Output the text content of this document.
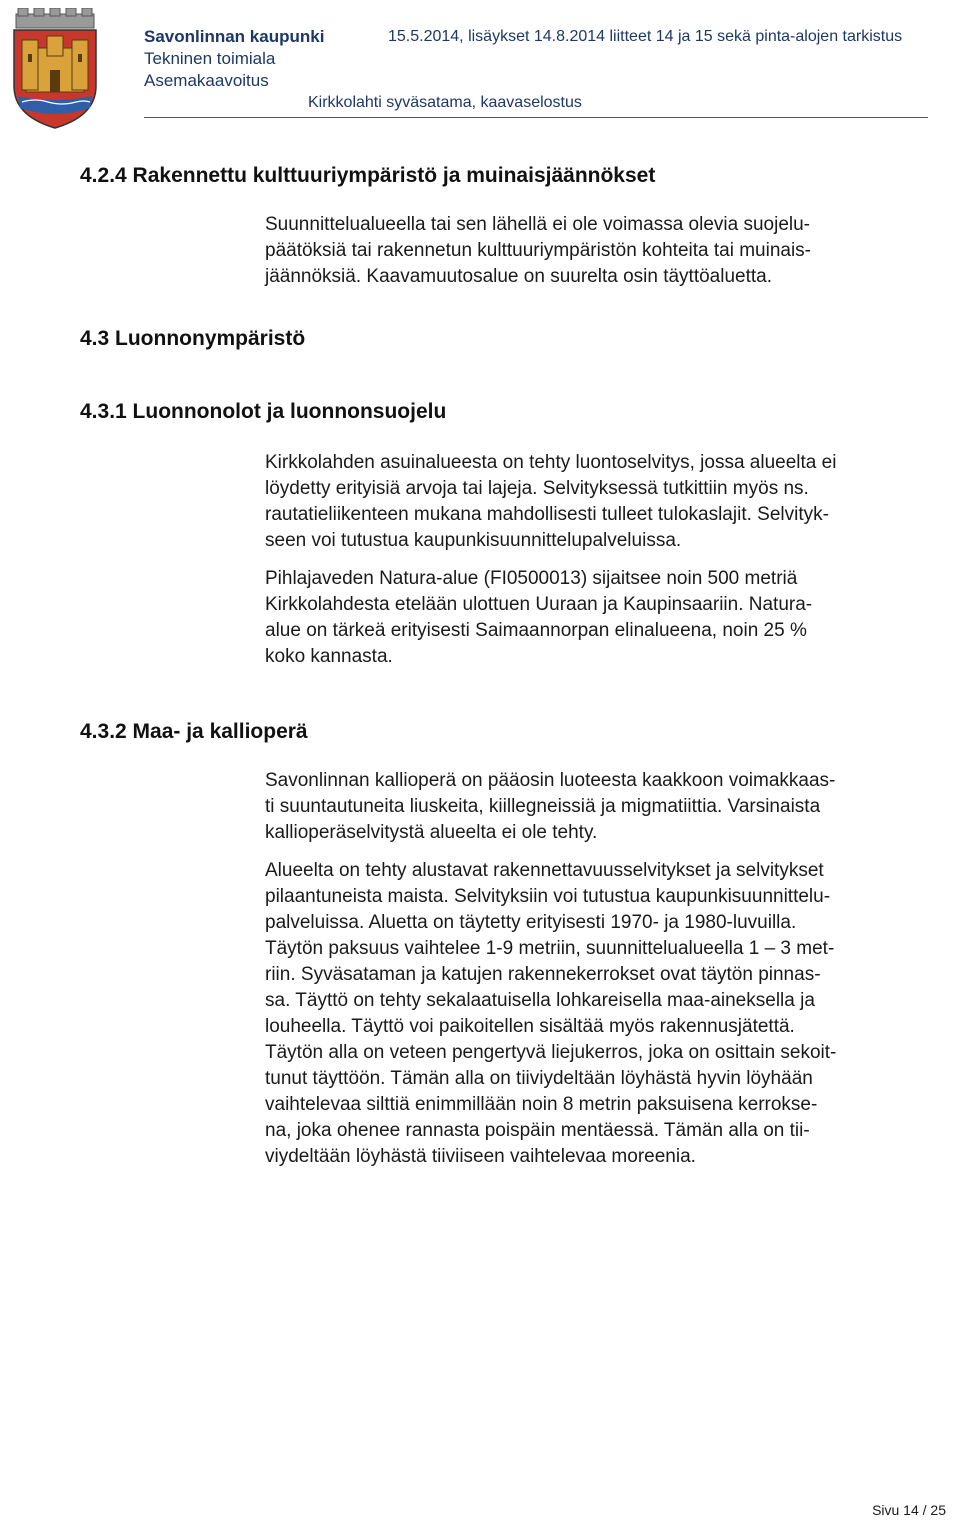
Savonlinnan kaupunki
Tekninen toimiala
Asemakaavoitus
15.5.2014, lisäykset 14.8.2014 liitteet 14 ja 15 sekä pinta-alojen tarkistus
Kirkkolahti syväsatama, kaavaselostus
4.2.4 Rakennettu kulttuuriympäristö ja muinaisjäännökset
Suunnittelualueella tai sen lähellä ei ole voimassa olevia suojelu-
päätöksiä tai rakennetun kulttuuriympäristön kohteita tai muinais-
jäännöksiä. Kaavamuutosalue on suurelta osin täyttöaluetta.
4.3 Luonnonympäristö
4.3.1 Luonnonolot ja luonnonsuojelu
Kirkkolahden asuinalueesta on tehty luontoselvitys, jossa alueelta ei
löydetty erityisiä arvoja tai lajeja. Selvityksessä tutkittiin myös ns.
rautatieliikenteen mukana mahdollisesti tulleet tulokaslajit. Selvityk-
seen voi tutustua kaupunkisuunnittelupalveluissa.
Pihlajaveden Natura-alue (FI0500013) sijaitsee noin 500 metriä
Kirkkolahdesta etelään ulottuen Uuraan ja Kaupinsaariin. Natura-
alue on tärkeä erityisesti Saimaannorpan elinalueena, noin 25 %
koko kannasta.
4.3.2 Maa- ja kallioperä
Savonlinnan kallioperä on pääosin luoteesta kaakkoon voimakkaas-
ti suuntautuneita liuskeita, kiillegneissiä ja migmatiittia. Varsinaista
kallioperäselvitystä alueelta ei ole tehty.
Alueelta on tehty alustavat rakennettavuusselvitykset ja selvitykset
pilaantuneista maista. Selvityksiin voi tutustua kaupunkisuunnittelu-
palveluissa. Aluetta on täytetty erityisesti 1970- ja 1980-luvuilla.
Täytön paksuus vaihtelee 1-9 metriin, suunnittelualueella 1 – 3 met-
riin. Syväsataman ja katujen rakennekerrokset ovat täytön pinnas-
sa. Täyttö on tehty sekalaatuisella lohkareisella maa-aineksella ja
louheella. Täyttö voi paikoitellen sisältää myös rakennusjätettä.
Täytön alla on veteen pengertyvä liejukerros, joka on osittain sekoit-
tunut täyttöön. Tämän alla on tiiviydeltään löyhästä hyvin löyhään
vaihtelevaa silttiä enimmillään noin 8 metrin paksuisena kerrokse-
na, joka ohenee rannasta poispäin mentäessä. Tämän alla on tii-
viydeltään löyhästä tiiviiseen vaihtelevaa moreenia.
Sivu 14 / 25
